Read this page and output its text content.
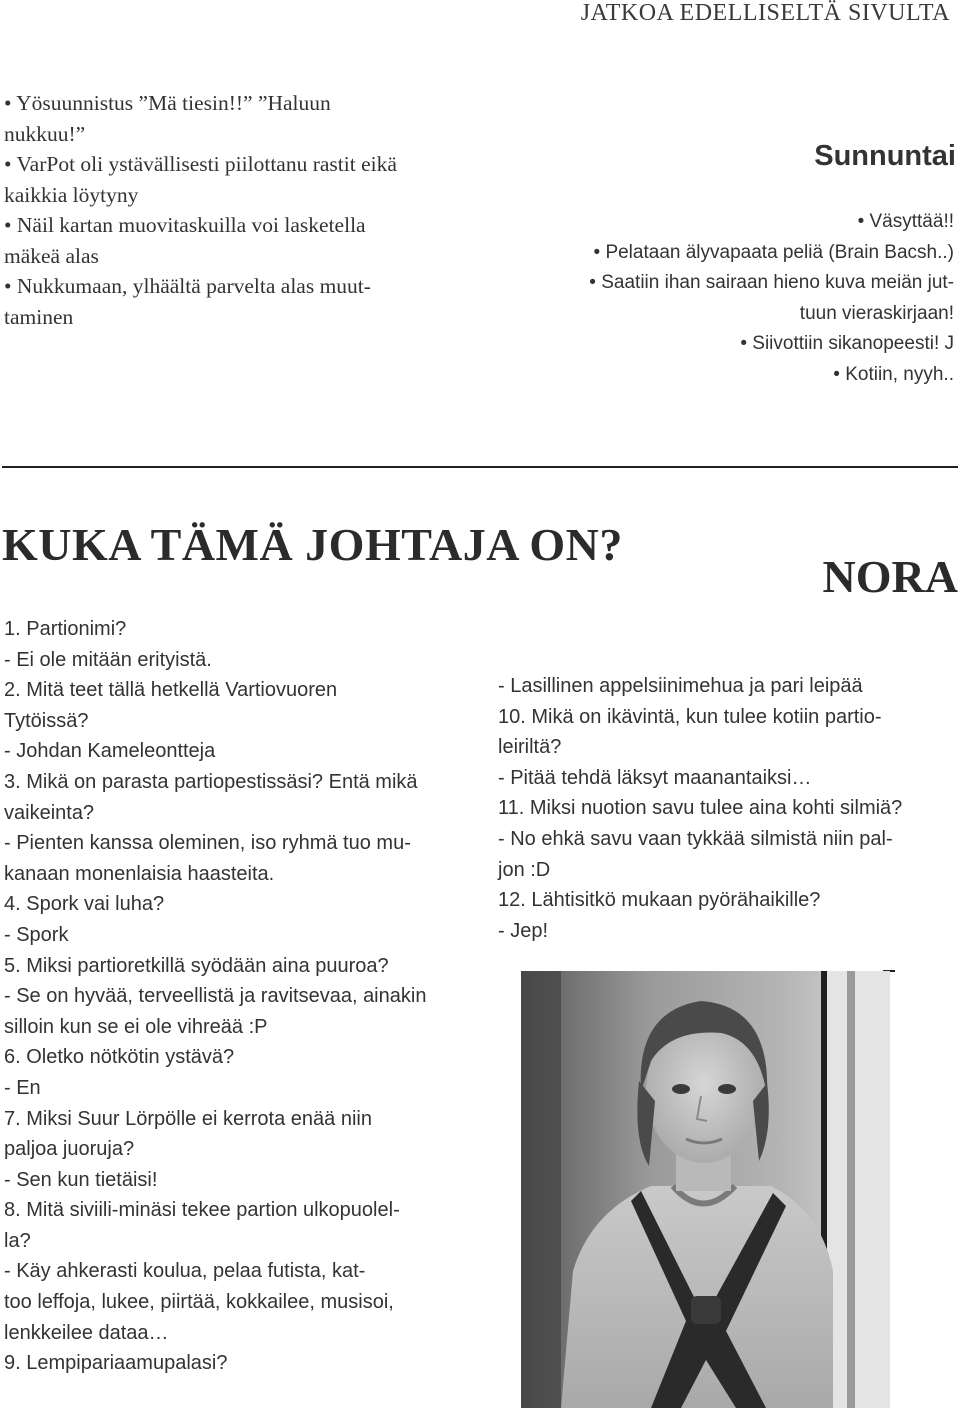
JATKOA EDELLISELTÄ SIVULTA
• Yösuunnistus ”Mä tiesin!!” ”Haluun
nukkuu!”
• VarPot oli ystävällisesti piilottanu rastit eikä
kaikkia löytyny
• Näil kartan muovitaskuilla voi lasketella
mäkeä alas
• Nukkumaan, ylhäältä parvelta alas muut-
taminen
Sunnuntai
• Väsyttää!!
• Pelataan älyvapaata peliä (Brain Bacsh..)
• Saatiin ihan sairaan hieno kuva meiän jut-
tuun vieraskirjaan!
• Siivottiin sikanopeesti! J
• Kotiin, nyyh..
KUKA TÄMÄ JOHTAJA ON?
NORA
1. Partionimi?
- Ei ole mitään erityistä.
2. Mitä teet tällä hetkellä Vartiovuoren
Tytöissä?
- Johdan Kameleontteja
3. Mikä on parasta partiopestissäsi? Entä mikä
vaikeinta?
- Pienten kanssa oleminen, iso ryhmä tuo mu-
kanaan monenlaisia haasteita.
4. Spork vai luha?
- Spork
5. Miksi partioretkillä syödään aina puuroa?
- Se on hyvää, terveellistä ja ravitsevaa, ainakin
silloin kun se ei ole vihreää :P
6. Oletko nötkötin ystävä?
- En
7. Miksi Suur Lörpölle ei kerrota enää niin
paljoa juoruja?
- Sen kun tietäisi!
8. Mitä siviili-minäsi tekee partion ulkopuolel-
la?
- Käy ahkerasti koulua, pelaa futista, kat-
too leffoja, lukee, piirtää, kokkailee, musisoi,
lenkkeilee dataa…
9. Lempipariaamupalasi?
- Lasillinen appelsiinimehua ja pari leipää
10. Mikä on ikävintä, kun tulee kotiin partio-
leiriltä?
- Pitää tehdä läksyt maanantaiksi…
11. Miksi nuotion savu tulee aina kohti silmiä?
- No ehkä savu vaan tykkää silmistä niin pal-
jon :D
12. Lähtisitkö mukaan pyörähaikille?
- Jep!
